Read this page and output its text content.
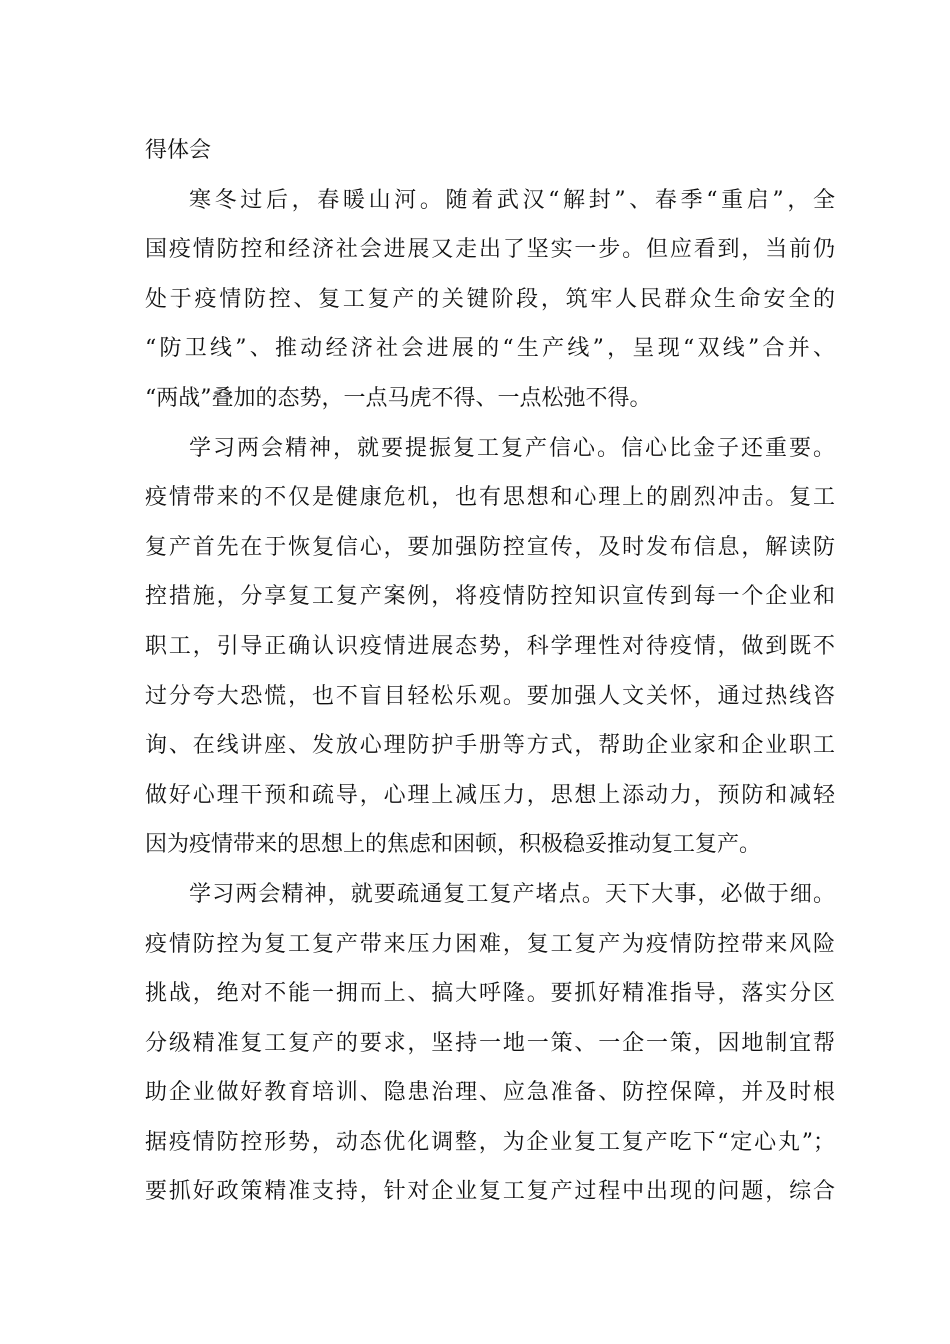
得体会
寒冬过后，春暖山河。随着武汉“解封”、春季“重启”，全
国疫情防控和经济社会进展又走出了坚实一步。但应看到，当前仍
处于疫情防控、复工复产的关键阶段，筑牢人民群众生命安全的
“防卫线”、推动经济社会进展的“生产线”，呈现“双线”合并、
“两战”叠加的态势，一点马虎不得、一点松弛不得。
学习两会精神，就要提振复工复产信心。信心比金子还重要。
疫情带来的不仅是健康危机，也有思想和心理上的剧烈冲击。复工
复产首先在于恢复信心，要加强防控宣传，及时发布信息，解读防
控措施，分享复工复产案例，将疫情防控知识宣传到每一个企业和
职工，引导正确认识疫情进展态势，科学理性对待疫情，做到既不
过分夸大恐慌，也不盲目轻松乐观。要加强人文关怀，通过热线咨
询、在线讲座、发放心理防护手册等方式，帮助企业家和企业职工
做好心理干预和疏导，心理上减压力，思想上添动力，预防和减轻
因为疫情带来的思想上的焦虑和困顿，积极稳妥推动复工复产。
学习两会精神，就要疏通复工复产堵点。天下大事，必做于细。
疫情防控为复工复产带来压力困难，复工复产为疫情防控带来风险
挑战，绝对不能一拥而上、搞大呼隆。要抓好精准指导，落实分区
分级精准复工复产的要求，坚持一地一策、一企一策，因地制宜帮
助企业做好教育培训、隐患治理、应急准备、防控保障，并及时根
据疫情防控形势，动态优化调整，为企业复工复产吃下“定心丸”；
要抓好政策精准支持，针对企业复工复产过程中出现的问题，综合
